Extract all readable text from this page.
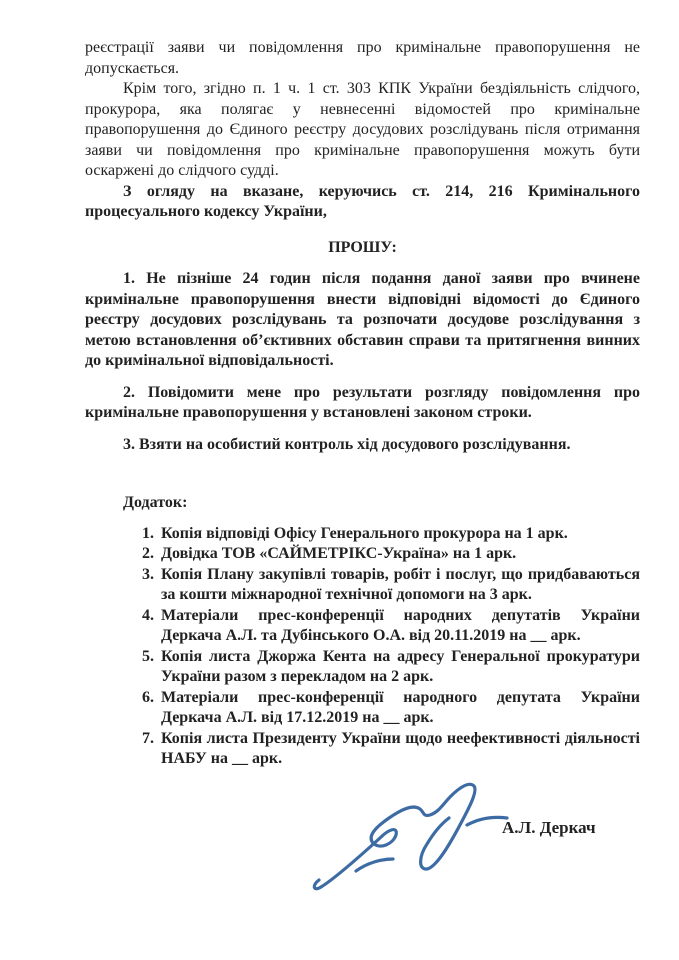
реєстрації заяви чи повідомлення про кримінальне правопорушення не допускається.

Крім того, згідно п. 1 ч. 1 ст. 303 КПК України бездіяльність слідчого, прокурора, яка полягає у невнесенні відомостей про кримінальне правопорушення до Єдиного реєстру досудових розслідувань після отримання заяви чи повідомлення про кримінальне правопорушення можуть бути оскаржені до слідчого судді.

З огляду на вказане, керуючись ст. 214, 216 Кримінального процесуального кодексу України,

ПРОШУ:

1. Не пізніше 24 годин після подання даної заяви про вчинене кримінальне правопорушення внести відповідні відомості до Єдиного реєстру досудових розслідувань та розпочати досудове розслідування з метою встановлення об’єктивних обставин справи та притягнення винних до кримінальної відповідальності.

2. Повідомити мене про результати розгляду повідомлення про кримінальне правопорушення у встановлені законом строки.

3. Взяти на особистий контроль хід досудового розслідування.

Додаток:

1. Копія відповіді Офісу Генерального прокурора на 1 арк.
2. Довідка ТОВ «САЙМЕТРІКС-Україна» на 1 арк.
3. Копія Плану закупівлі товарів, робіт і послуг, що придбаваються за кошти міжнародної технічної допомоги на 3 арк.
4. Матеріали прес-конференції народних депутатів України Деркача А.Л. та Дубінського О.А. від 20.11.2019 на __ арк.
5. Копія листа Джоржа Кента на адресу Генеральної прокуратури України разом з перекладом на 2 арк.
6. Матеріали прес-конференції народного депутата України Деркача А.Л. від 17.12.2019 на __ арк.
7. Копія листа Президенту України щодо неефективності діяльності НАБУ на __ арк.
А.Л. Деркач
